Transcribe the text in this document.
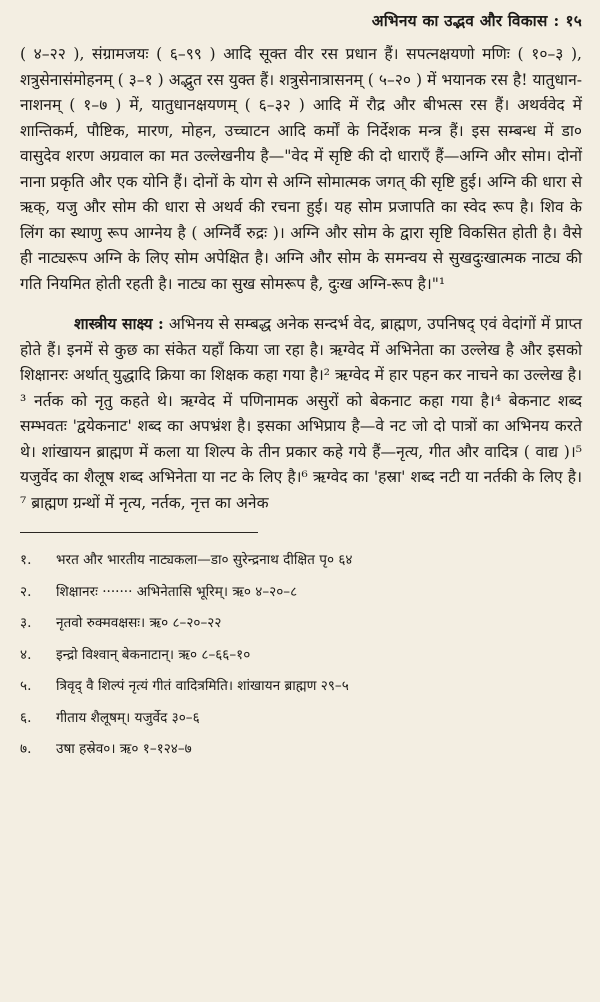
अभिनय का उद्भव और विकास : १५

( ४–२२ ), संग्रामजयः ( ६–९९ ) आदि सूक्त वीर रस प्रधान हैं। सपत्नक्षयणो मणिः ( १०–३ ), शत्रुसेनासंमोहनम् ( ३–१ ) अद्भुत रस युक्त हैं। शत्रुसेनात्रासनम् ( ५–२० ) में भयानक रस है! यातुधान-नाशनम् ( १–७ ) में, यातुधानक्षयणम् ( ६–३२ ) आदि में रौद्र और बीभत्स रस हैं। अथर्ववेद में शान्तिकर्म, पौष्टिक, मारण, मोहन, उच्चाटन आदि कर्मों के निर्देशक मन्त्र हैं। इस सम्बन्ध में डा० वासुदेव शरण अग्रवाल का मत उल्लेखनीय है—"वेद में सृष्टि की दो धाराएँ हैं—अग्नि और सोम। दोनों नाना प्रकृति और एक योनि हैं। दोनों के योग से अग्नि सोमात्मक जगत् की सृष्टि हुई। अग्नि की धारा से ऋक्, यजु और सोम की धारा से अथर्व की रचना हुई। यह सोम प्रजापति का स्वेद रूप है। शिव के लिंग का स्थाणु रूप आग्नेय है ( अग्निर्वै रुद्रः )। अग्नि और सोम के द्वारा सृष्टि विकसित होती है। वैसे ही नाट्यरूप अग्नि के लिए सोम अपेक्षित है। अग्नि और सोम के समन्वय से सुखदुःखात्मक नाट्य की गति नियमित होती रहती है। नाट्य का सुख सोमरूप है, दुःख अग्नि-रूप है।"¹

शास्त्रीय साक्ष्य : अभिनय से सम्बद्ध अनेक सन्दर्भ वेद, ब्राह्मण, उपनिषद् एवं वेदांगों में प्राप्त होते हैं। इनमें से कुछ का संकेत यहाँ किया जा रहा है। ऋग्वेद में अभिनेता का उल्लेख है और इसको शिक्षानरः अर्थात् युद्धादि क्रिया का शिक्षक कहा गया है।² ऋग्वेद में हार पहन कर नाचने का उल्लेख है।³ नर्तक को नृतु कहते थे। ऋग्वेद में पणिनामक असुरों को बेकनाट कहा गया है।⁴ बेकनाट शब्द सम्भवतः 'द्वयेकनाट' शब्द का अपभ्रंश है। इसका अभिप्राय है—वे नट जो दो पात्रों का अभिनय करते थे। शांखायन ब्राह्मण में कला या शिल्प के तीन प्रकार कहे गये हैं—नृत्य, गीत और वादित्र ( वाद्य )।⁵ यजुर्वेद का शैलूष शब्द अभिनेता या नट के लिए है।⁶ ऋग्वेद का 'हस्रा' शब्द नटी या नर्तकी के लिए है।⁷ ब्राह्मण ग्रन्थों में नृत्य, नर्तक, नृत्त का अनेक

१. भरत और भारतीय नाट्यकला—डा० सुरेन्द्रनाथ दीक्षित पृ० ६४
२. शिक्षानरः ······· अभिनेतासि भूरिम्। ऋ० ४–२०–८
३. नृतवो रुक्मवक्षसः। ऋ० ८–२०–२२
४. इन्द्रो विश्वान् बेकनाटान्। ऋ० ८–६६–१०
५. त्रिवृद् वै शिल्पं नृत्यं गीतं वादित्रमिति। शांखायन ब्राह्मण २९–५
६. गीताय शैलूषम्। यजुर्वेद ३०–६
७. उषा हस्रेव०। ऋ० १–१२४–७
